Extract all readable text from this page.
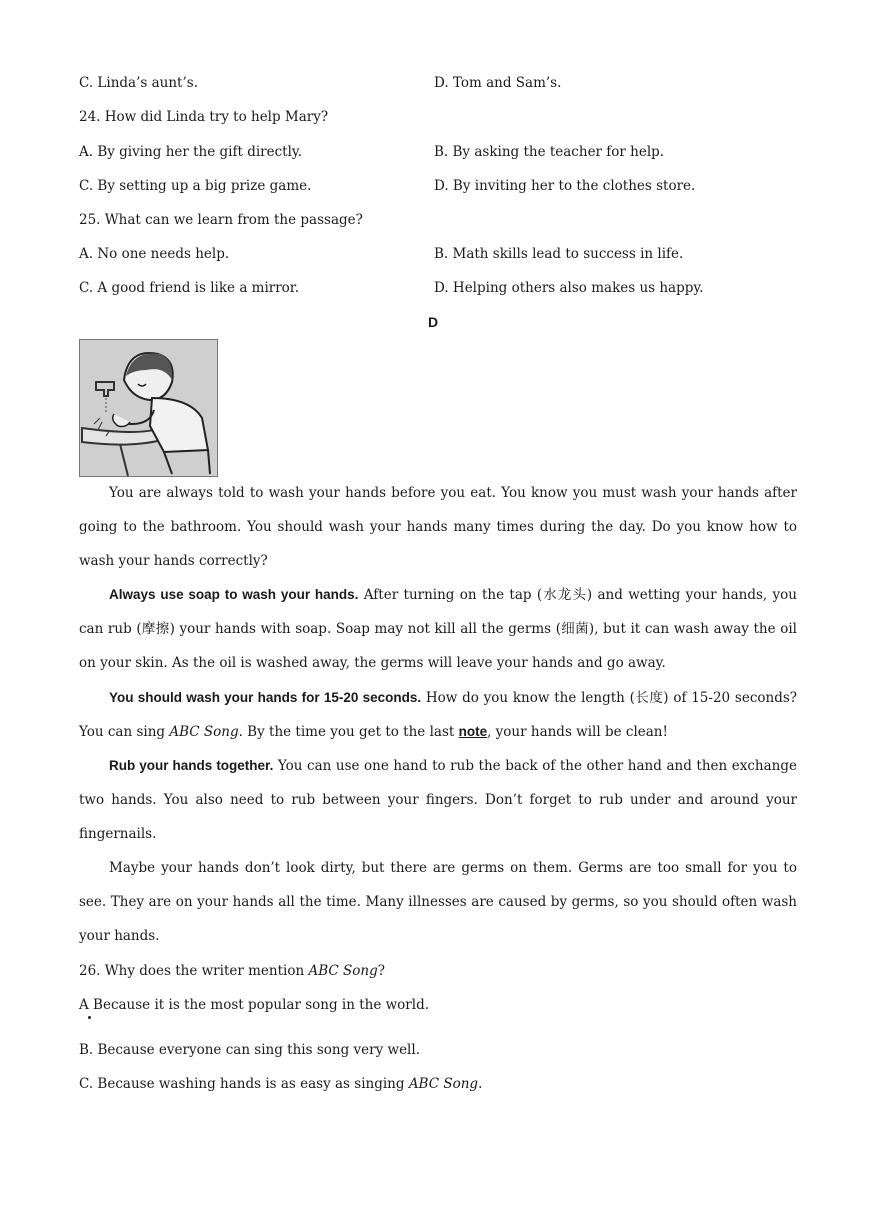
C. Linda’s aunt’s.	D. Tom and Sam’s.
24. How did Linda try to help Mary?
A. By giving her the gift directly.	B. By asking the teacher for help.
C. By setting up a big prize game.	D. By inviting her to the clothes store.
25. What can we learn from the passage?
A. No one needs help.	B. Math skills lead to success in life.
C. A good friend is like a mirror.	D. Helping others also makes us happy.
D
You are always told to wash your hands before you eat. You know you must wash your hands after going to the bathroom. You should wash your hands many times during the day. Do you know how to wash your hands correctly?
Always use soap to wash your hands. After turning on the tap (水龙头) and wetting your hands, you can rub (摩擦) your hands with soap. Soap may not kill all the germs (细菌), but it can wash away the oil on your skin. As the oil is washed away, the germs will leave your hands and go away.
You should wash your hands for 15-20 seconds. How do you know the length (长度) of 15-20 seconds? You can sing ABC Song. By the time you get to the last note, your hands will be clean!
Rub your hands together. You can use one hand to rub the back of the other hand and then exchange two hands. You also need to rub between your fingers. Don’t forget to rub under and around your fingernails.
Maybe your hands don’t look dirty, but there are germs on them. Germs are too small for you to see. They are on your hands all the time. Many illnesses are caused by germs, so you should often wash your hands.
26. Why does the writer mention ABC Song?
A Because it is the most popular song in the world.
B. Because everyone can sing this song very well.
C. Because washing hands is as easy as singing ABC Song.
